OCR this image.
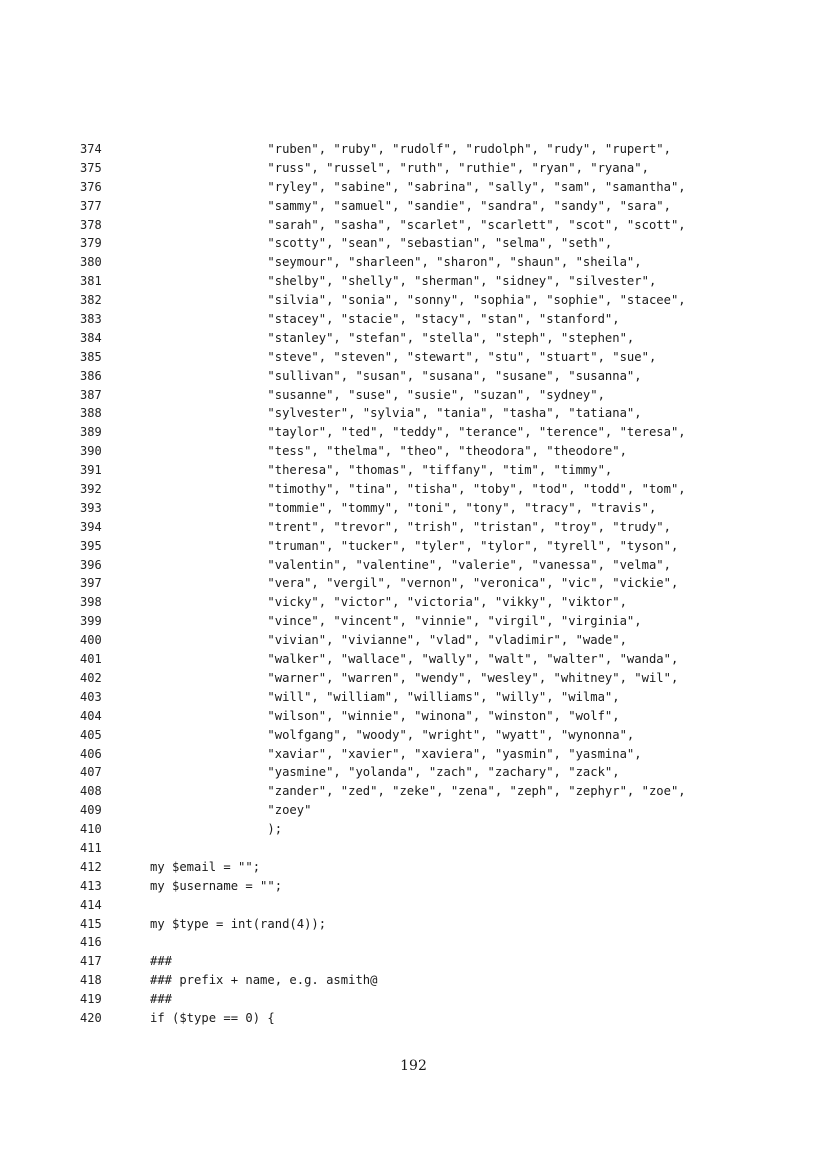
374	"ruben", "ruby", "rudolf", "rudolph", "rudy", "rupert",
375	"russ", "russel", "ruth", "ruthie", "ryan", "ryana",
376	"ryley", "sabine", "sabrina", "sally", "sam", "samantha",
377	"sammy", "samuel", "sandie", "sandra", "sandy", "sara",
378	"sarah", "sasha", "scarlet", "scarlett", "scot", "scott",
379	"scotty", "sean", "sebastian", "selma", "seth",
380	"seymour", "sharleen", "sharon", "shaun", "sheila",
381	"shelby", "shelly", "sherman", "sidney", "silvester",
382	"silvia", "sonia", "sonny", "sophia", "sophie", "stacee",
383	"stacey", "stacie", "stacy", "stan", "stanford",
384	"stanley", "stefan", "stella", "steph", "stephen",
385	"steve", "steven", "stewart", "stu", "stuart", "sue",
386	"sullivan", "susan", "susana", "susane", "susanna",
387	"susanne", "suse", "susie", "suzan", "sydney",
388	"sylvester", "sylvia", "tania", "tasha", "tatiana",
389	"taylor", "ted", "teddy", "terance", "terence", "teresa",
390	"tess", "thelma", "theo", "theodora", "theodore",
391	"theresa", "thomas", "tiffany", "tim", "timmy",
392	"timothy", "tina", "tisha", "toby", "tod", "todd", "tom",
393	"tommie", "tommy", "toni", "tony", "tracy", "travis",
394	"trent", "trevor", "trish", "tristan", "troy", "trudy",
395	"truman", "tucker", "tyler", "tylor", "tyrell", "tyson",
396	"valentin", "valentine", "valerie", "vanessa", "velma",
397	"vera", "vergil", "vernon", "veronica", "vic", "vickie",
398	"vicky", "victor", "victoria", "vikky", "viktor",
399	"vince", "vincent", "vinnie", "virgil", "virginia",
400	"vivian", "vivianne", "vlad", "vladimir", "wade",
401	"walker", "wallace", "wally", "walt", "walter", "wanda",
402	"warner", "warren", "wendy", "wesley", "whitney", "wil",
403	"will", "william", "williams", "willy", "wilma",
404	"wilson", "winnie", "winona", "winston", "wolf",
405	"wolfgang", "woody", "wright", "wyatt", "wynonna",
406	"xaviar", "xavier", "xaviera", "yasmin", "yasmina",
407	"yasmine", "yolanda", "zach", "zachary", "zack",
408	"zander", "zed", "zeke", "zena", "zeph", "zephyr", "zoe",
409	"zoey"
410	);
411
412	my $email = "";
413	my $username = "";
414
415	my $type = int(rand(4));
416
417	###
418	### prefix + name, e.g. asmith@
419	###
420	if ($type == 0) {
192
